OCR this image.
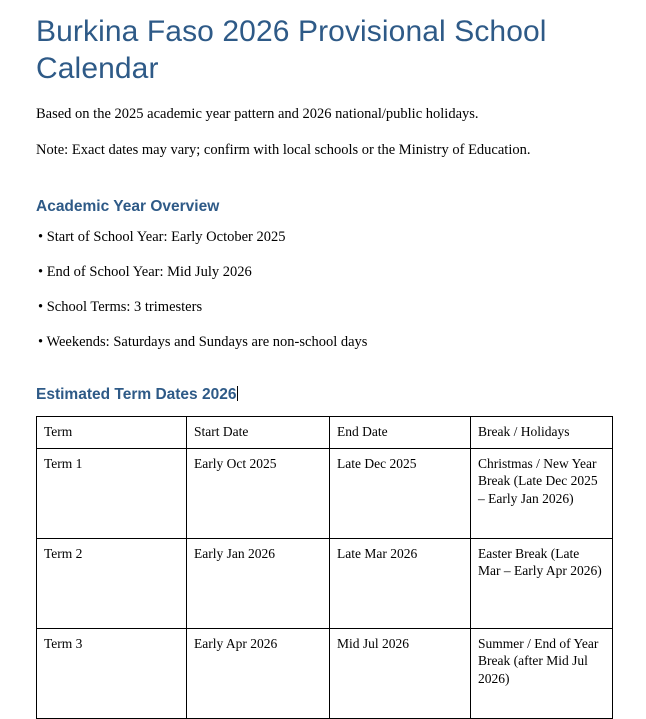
Burkina Faso 2026 Provisional School Calendar

Based on the 2025 academic year pattern and 2026 national/public holidays.

Note: Exact dates may vary; confirm with local schools or the Ministry of Education.

Academic Year Overview
• Start of School Year: Early October 2025
• End of School Year: Mid July 2026
• School Terms: 3 trimesters
• Weekends: Saturdays and Sundays are non-school days
Estimated Term Dates 2026
Term	Start Date	End Date	Break / Holidays
Term 1	Early Oct 2025	Late Dec 2025	Christmas / New Year Break (Late Dec 2025 – Early Jan 2026)
Term 2	Early Jan 2026	Late Mar 2026	Easter Break (Late Mar – Early Apr 2026)
Term 3	Early Apr 2026	Mid Jul 2026	Summer / End of Year Break (after Mid Jul 2026)
